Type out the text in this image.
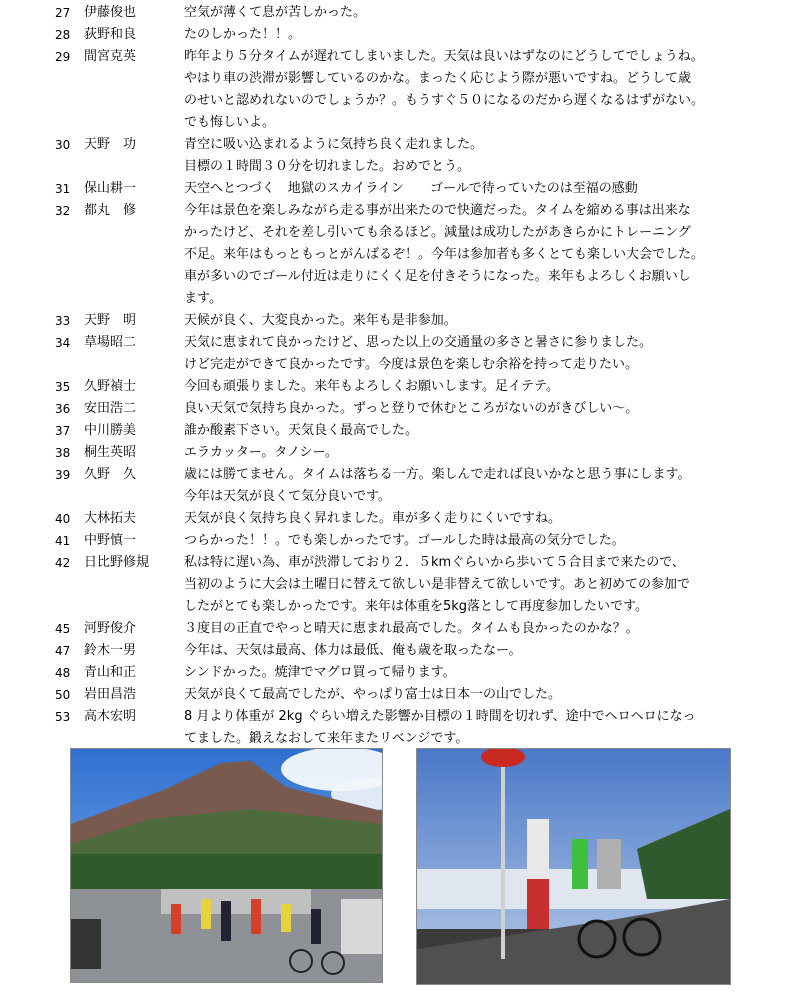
27	伊藤俊也	空気が薄くて息が苦しかった。
28	荻野和良	たのしかった！！。
29	間宮克英	昨年より５分タイムが遅れてしまいました。天気は良いはずなのにどうしてでしょうね。
やはり車の渋滞が影響しているのかな。まったく応じよう際が悪いですね。どうして歳
のせいと認めれないのでしょうか？。もうすぐ５０になるのだから遅くなるはずがない。
でも悔しいよ。
30	天野　功	青空に吸い込まれるように気持ち良く走れました。
目標の１時間３０分を切れました。おめでとう。
31	保山耕一	天空へとつづく　地獄のスカイライン　　ゴールで待っていたのは至福の感動
32	都丸　修	今年は景色を楽しみながら走る事が出来たので快適だった。タイムを縮める事は出来な
かったけど、それを差し引いても余るほど。減量は成功したがあきらかにトレーニング
不足。来年はもっともっとがんばるぞ！。今年は参加者も多くとても楽しい大会でした。
車が多いのでゴール付近は走りにくく足を付きそうになった。来年もよろしくお願いし
ます。
33	天野　明	天候が良く、大変良かった。来年も是非参加。
34	草場昭二	天気に恵まれて良かったけど、思った以上の交通量の多さと暑さに参りました。
けど完走ができて良かったです。今度は景色を楽しむ余裕を持って走りたい。
35	久野禎士	今回も頑張りました。来年もよろしくお願いします。足イテテ。
36	安田浩二	良い天気で気持ち良かった。ずっと登りで休むところがないのがきびしい～。
37	中川勝美	誰か酸素下さい。天気良く最高でした。
38	桐生英昭	エラカッター。タノシー。
39	久野　久	歳には勝てません。タイムは落ちる一方。楽しんで走れば良いかなと思う事にします。
今年は天気が良くて気分良いです。
40	大林拓夫	天気が良く気持ち良く昇れました。車が多く走りにくいですね。
41	中野慎一	つらかった！！。でも楽しかったです。ゴールした時は最高の気分でした。
42	日比野修規	私は特に遅い為、車が渋滞しており２．５kmぐらいから歩いて５合目まで来たので、
当初のように大会は土曜日に替えて欲しい是非替えて欲しいです。あと初めての参加で
したがとても楽しかったです。来年は体重を5kg落として再度参加したいです。
45	河野俊介	３度目の正直でやっと晴天に恵まれ最高でした。タイムも良かったのかな？。
47	鈴木一男	今年は、天気は最高、体力は最低、俺も歳を取ったなー。
48	青山和正	シンドかった。焼津でマグロ買って帰ります。
50	岩田昌浩	天気が良くて最高でしたが、やっぱり富士は日本一の山でした。
53	高木宏明	8 月より体重が 2kg ぐらい増えた影響か目標の１時間を切れず、途中でヘロヘロになっ
てました。鍛えなおして来年またリベンジです。
